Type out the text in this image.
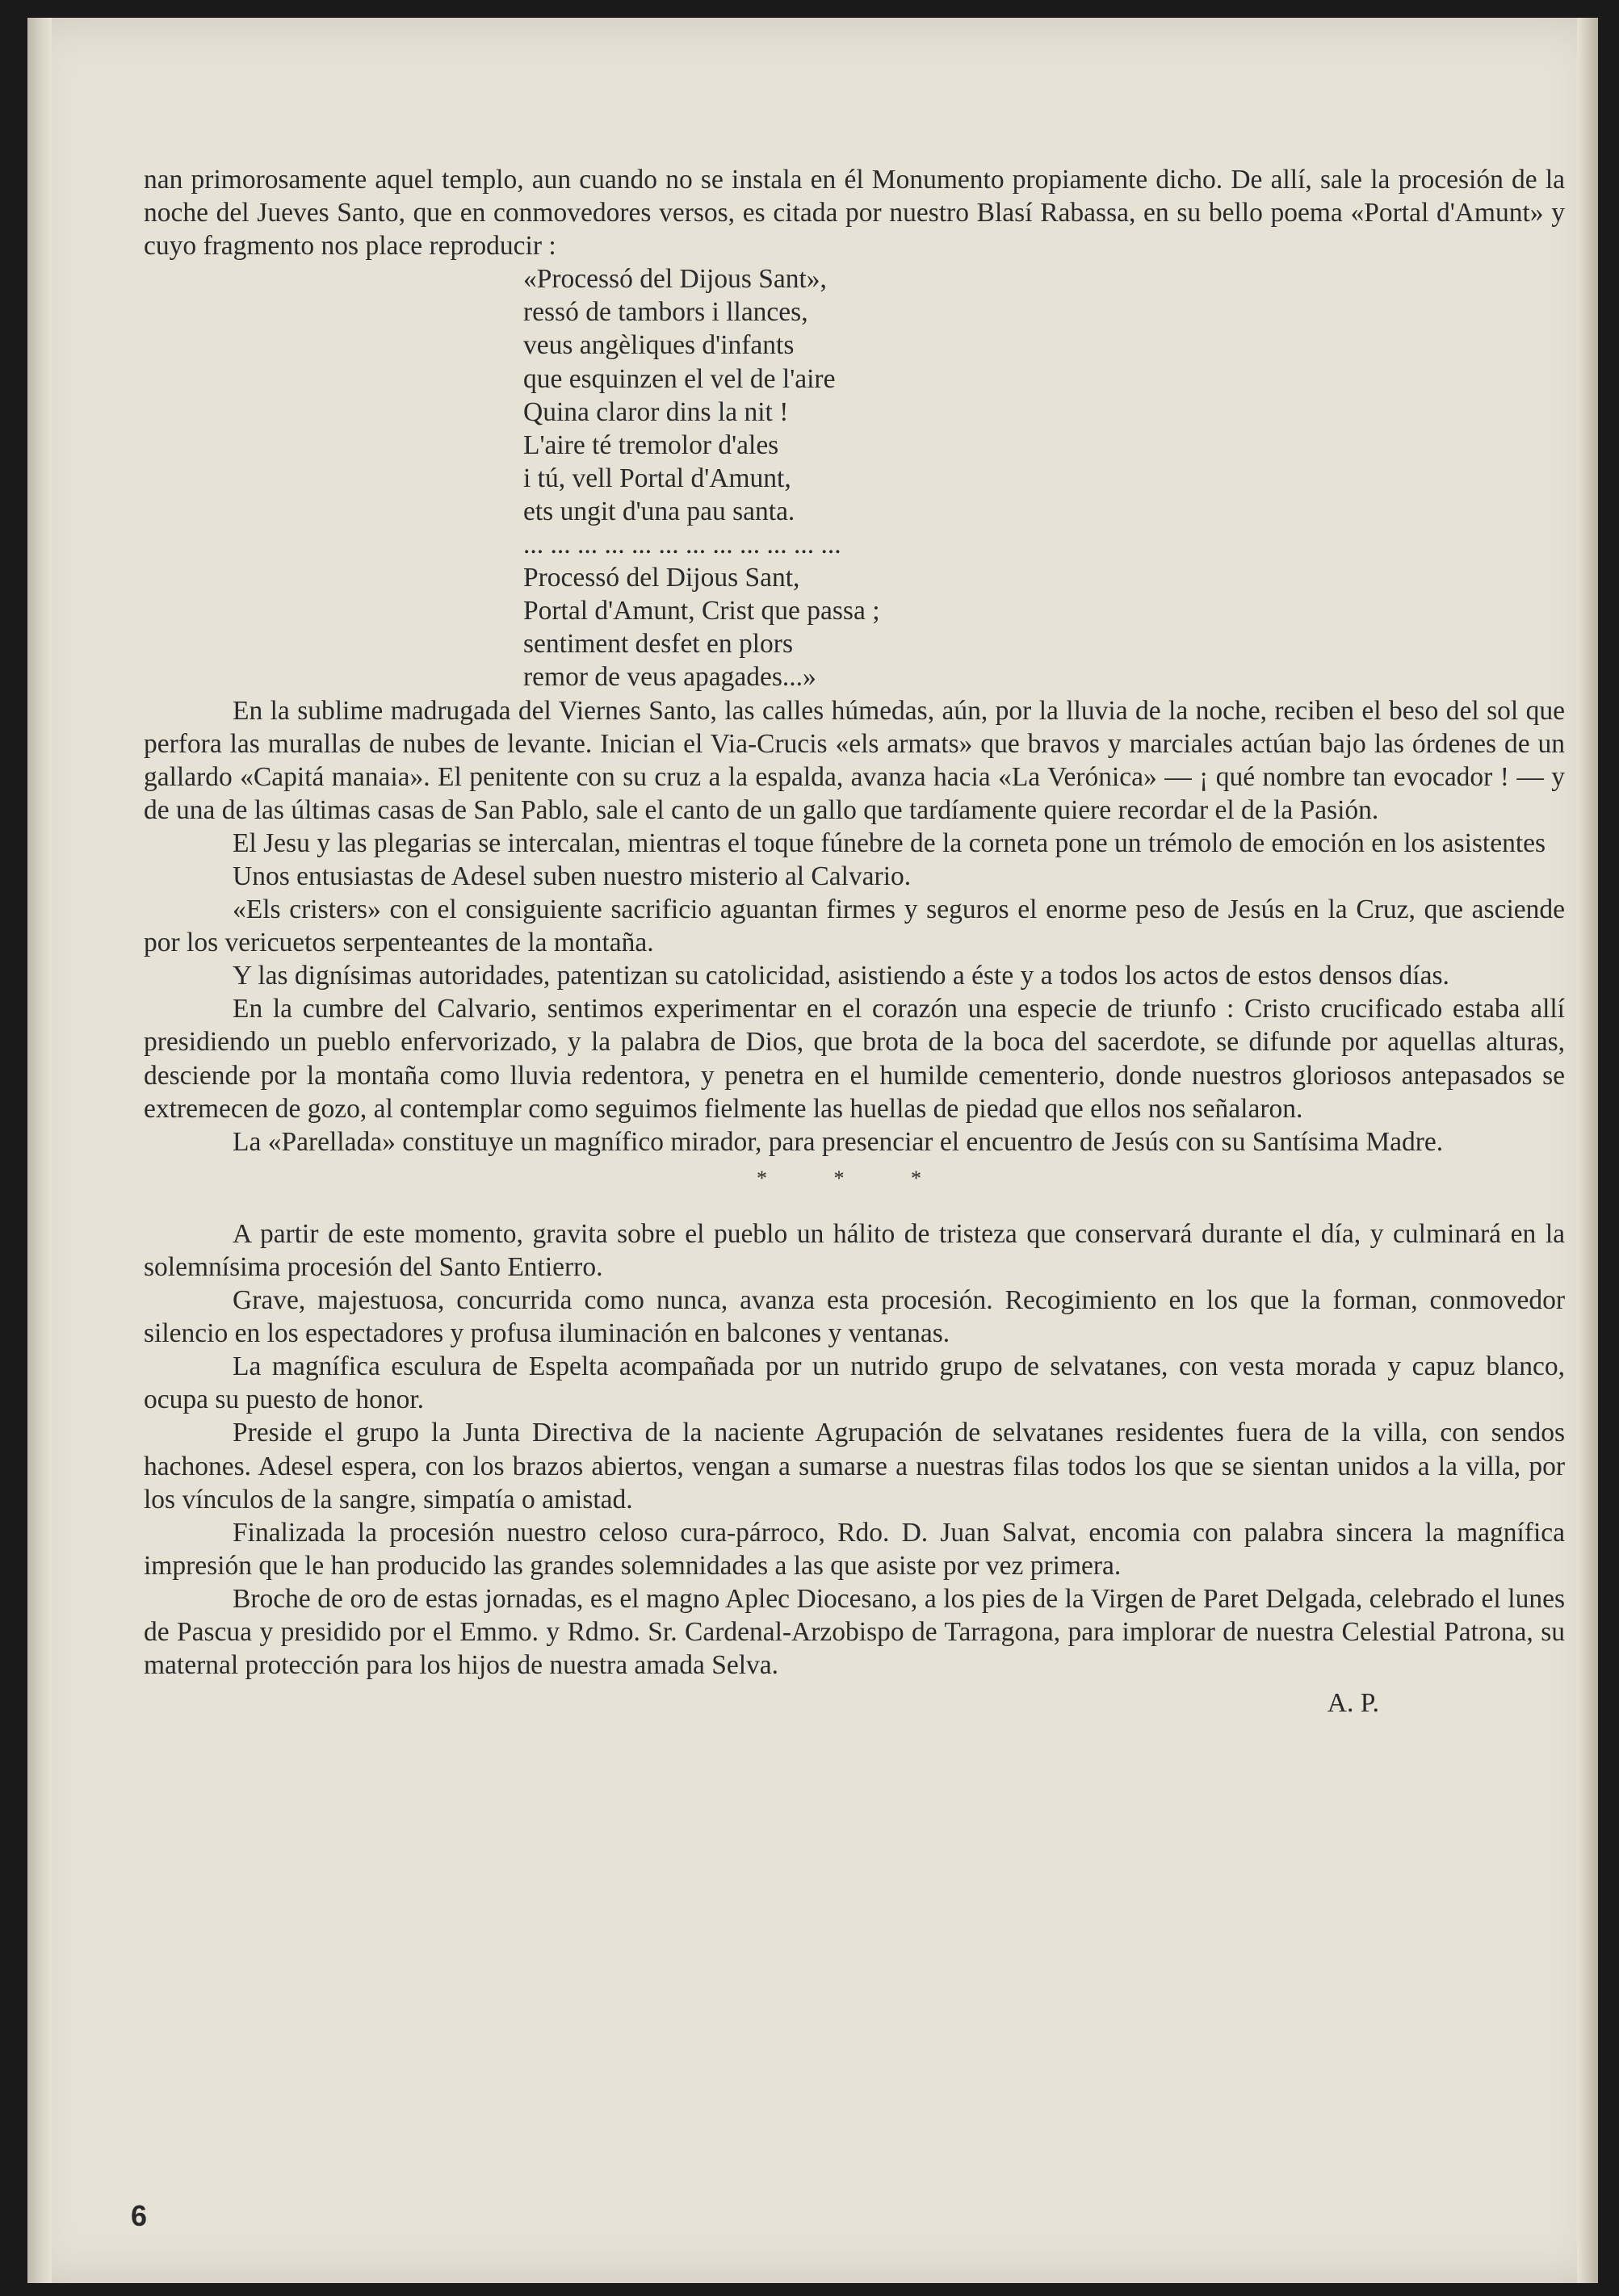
nan primorosamente aquel templo, aun cuando no se instala en él Monumento propiamente dicho. De allí, sale la procesión de la noche del Jueves Santo, que en conmovedores versos, es citada por nuestro Blasí Rabassa, en su bello poema «Portal d'Amunt» y cuyo fragmento nos place reproducir :

«Processó del Dijous Sant»,
ressó de tambors i llances,
veus angèliques d'infants
que esquinzen el vel de l'aire
Quina claror dins la nit !
L'aire té tremolor d'ales
i tú, vell Portal d'Amunt,
ets ungit d'una pau santa.
... ... ... ... ... ... ... ... ... ... ... ...
Processó del Dijous Sant,
Portal d'Amunt, Crist que passa ;
sentiment desfet en plors
remor de veus apagades...»

En la sublime madrugada del Viernes Santo, las calles húmedas, aún, por la lluvia de la noche, reciben el beso del sol que perfora las murallas de nubes de levante. Inician el Via-Crucis «els armats» que bravos y marciales actúan bajo las órdenes de un gallardo «Capitá manaia». El penitente con su cruz a la espalda, avanza hacia «La Verónica» — ¡ qué nombre tan evocador ! — y de una de las últimas casas de San Pablo, sale el canto de un gallo que tardíamente quiere recordar el de la Pasión.

El Jesu y las plegarias se intercalan, mientras el toque fúnebre de la corneta pone un trémolo de emoción en los asistentes

Unos entusiastas de Adesel suben nuestro misterio al Calvario.

«Els cristers» con el consiguiente sacrificio aguantan firmes y seguros el enorme peso de Jesús en la Cruz, que asciende por los vericuetos serpenteantes de la montaña.

Y las dignísimas autoridades, patentizan su catolicidad, asistiendo a éste y a todos los actos de estos densos días.

En la cumbre del Calvario, sentimos experimentar en el corazón una especie de triunfo : Cristo crucificado estaba allí presidiendo un pueblo enfervorizado, y la palabra de Dios, que brota de la boca del sacerdote, se difunde por aquellas alturas, desciende por la montaña como lluvia redentora, y penetra en el humilde cementerio, donde nuestros gloriosos antepasados se extremecen de gozo, al contemplar como seguimos fielmente las huellas de piedad que ellos nos señalaron.

La «Parellada» constituye un magnífico mirador, para presenciar el encuentro de Jesús con su Santísima Madre.

* * *

A partir de este momento, gravita sobre el pueblo un hálito de tristeza que conservará durante el día, y culminará en la solemnísima procesión del Santo Entierro.

Grave, majestuosa, concurrida como nunca, avanza esta procesión. Recogimiento en los que la forman, conmovedor silencio en los espectadores y profusa iluminación en balcones y ventanas.

La magnífica esculura de Espelta acompañada por un nutrido grupo de selvatanes, con vesta morada y capuz blanco, ocupa su puesto de honor.

Preside el grupo la Junta Directiva de la naciente Agrupación de selvatanes residentes fuera de la villa, con sendos hachones. Adesel espera, con los brazos abiertos, vengan a sumarse a nuestras filas todos los que se sientan unidos a la villa, por los vínculos de la sangre, simpatía o amistad.

Finalizada la procesión nuestro celoso cura-párroco, Rdo. D. Juan Salvat, encomia con palabra sincera la magnífica impresión que le han producido las grandes solemnidades a las que asiste por vez primera.

Broche de oro de estas jornadas, es el magno Aplec Diocesano, a los pies de la Virgen de Paret Delgada, celebrado el lunes de Pascua y presidido por el Emmo. y Rdmo. Sr. Cardenal-Arzobispo de Tarragona, para implorar de nuestra Celestial Patrona, su maternal protección para los hijos de nuestra amada Selva.

A. P.
6
